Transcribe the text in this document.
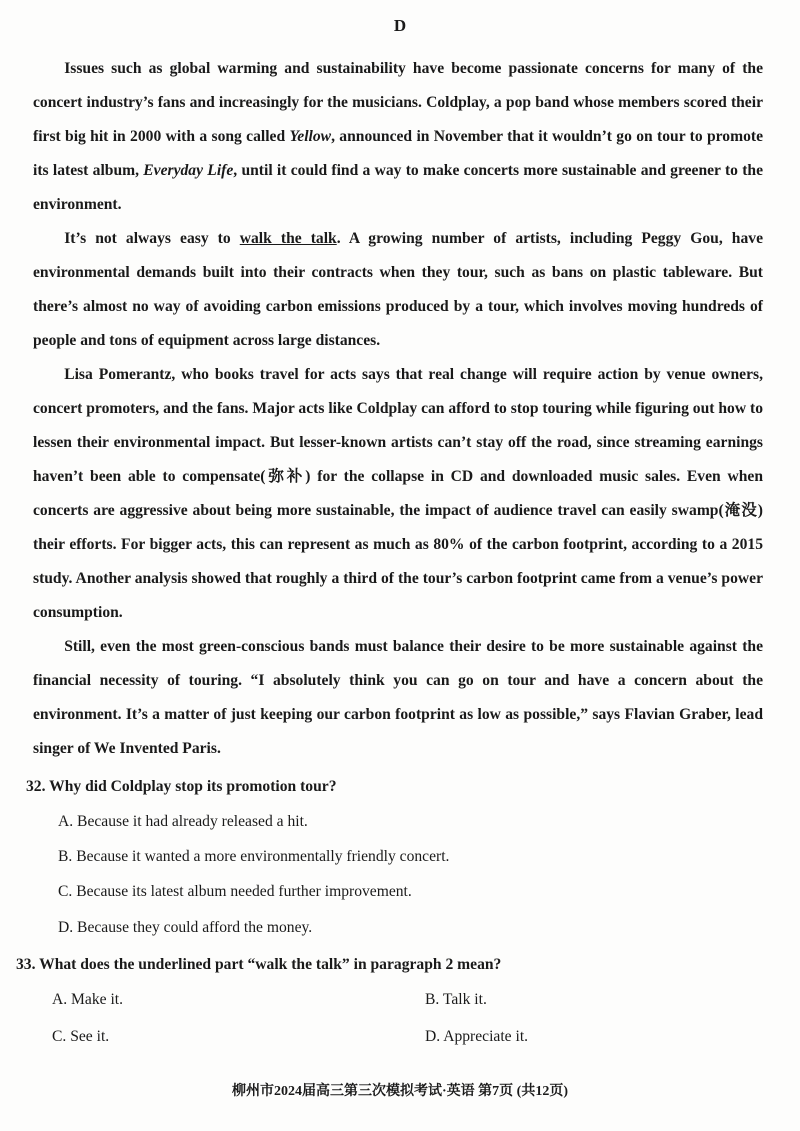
D

Issues such as global warming and sustainability have become passionate concerns for many of the concert industry’s fans and increasingly for the musicians. Coldplay, a pop band whose members scored their first big hit in 2000 with a song called Yellow, announced in November that it wouldn’t go on tour to promote its latest album, Everyday Life, until it could find a way to make concerts more sustainable and greener to the environment.

It’s not always easy to walk the talk. A growing number of artists, including Peggy Gou, have environmental demands built into their contracts when they tour, such as bans on plastic tableware. But there’s almost no way of avoiding carbon emissions produced by a tour, which involves moving hundreds of people and tons of equipment across large distances.

Lisa Pomerantz, who books travel for acts says that real change will require action by venue owners, concert promoters, and the fans. Major acts like Coldplay can afford to stop touring while figuring out how to lessen their environmental impact. But lesser-known artists can’t stay off the road, since streaming earnings haven’t been able to compensate(弥补) for the collapse in CD and downloaded music sales. Even when concerts are aggressive about being more sustainable, the impact of audience travel can easily swamp(淹没) their efforts. For bigger acts, this can represent as much as 80% of the carbon footprint, according to a 2015 study. Another analysis showed that roughly a third of the tour’s carbon footprint came from a venue’s power consumption.

Still, even the most green-conscious bands must balance their desire to be more sustainable against the financial necessity of touring. “I absolutely think you can go on tour and have a concern about the environment. It’s a matter of just keeping our carbon footprint as low as possible,” says Flavian Graber, lead singer of We Invented Paris.

32. Why did Coldplay stop its promotion tour?
A. Because it had already released a hit.
B. Because it wanted a more environmentally friendly concert.
C. Because its latest album needed further improvement.
D. Because they could afford the money.
33. What does the underlined part “walk the talk” in paragraph 2 mean?
A. Make it.	B. Talk it.
C. See it.	D. Appreciate it.
柳州市2024届高三第三次模拟考试·英语 第7页 (共12页)
